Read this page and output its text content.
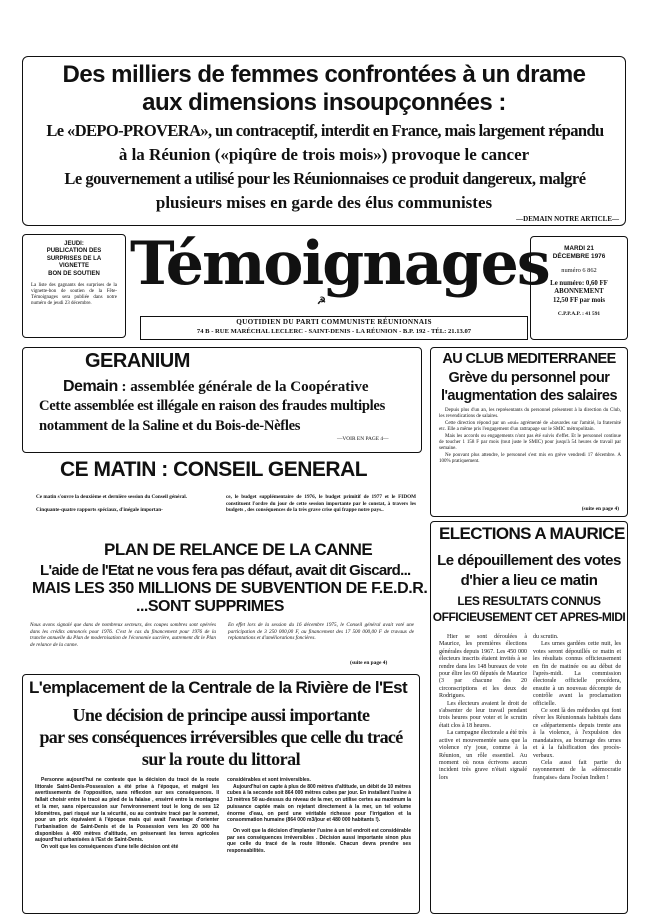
Des milliers de femmes confrontées à un drame
aux dimensions insoupçonnées :
Le «DEPO-PROVERA», un contraceptif, interdit en France, mais largement répandu
à la Réunion («piqûre de trois mois») provoque le cancer
Le gouvernement a utilisé pour les Réunionnaises ce produit dangereux, malgré
plusieurs mises en garde des élus communistes
—DEMAIN NOTRE ARTICLE—
JEUDI:
PUBLICATION DES
SURPRISES DE LA
VIGNETTE
BON DE SOUTIEN
La liste des gagnants des surprises de la vignette-bon de soutien de la Fête-Témoignages sera publiée dans notre numéro de jeudi 23 décembre.
Témoignages
☭
QUOTIDIEN DU PARTI COMMUNISTE RÉUNIONNAIS
74 B - RUE MARÉCHAL LECLERC - SAINT-DENIS - LA RÉUNION - B.P. 192 - TÉL: 21.13.07
MARDI 21
DÉCEMBRE 1976
numéro 6 862
Le numéro: 0,60 FF
ABONNEMENT
12,50 FF par mois
C.P.P.A.P. : 41 591
GERANIUM
Demain : assemblée générale de la Coopérative
Cette assemblée est illégale en raison des fraudes multiples
notamment de la Saline et du Bois-de-Nèfles
—VOIR EN PAGE 4—
CE MATIN : CONSEIL GENERAL
Ce matin s'ouvre la deuxième et dernière session du Conseil général.
Cinquante-quatre rapports spéciaux, d'inégale importan-
ce, le budget supplémentaire de 1976, le budget primitif de 1977 et le FIDOM constituent l'ordre du jour de cette session importante par le constat, à travers les budgets , des conséquences de la très grave crise qui frappe notre pays..
PLAN DE RELANCE DE LA CANNE
L'aide de l'Etat ne vous fera pas défaut, avait dit Giscard...
MAIS LES 350 MILLIONS DE SUBVENTION DE F.E.D.R.
...SONT SUPPRIMES
Nous avons signalé que dans de nombreux secteurs, des coupes sombres sont opérées dans les crédits annoncés pour 1976. C'est le cas du financement pour 1976 de la tranche annuelle du Plan de modernisation de l'économie sucrière, autrement dit le Plan de relance de la canne.
En effet lors de la session du 16 décembre 1975, le Conseil général avait voté une participation de 3 250 000,00 F, au financement des 17 500 000,00 F de travaux de replantations et d'améliorations foncières.
(suite en page 4)
L'emplacement de la Centrale de la Rivière de l'Est
Une décision de principe aussi importante
par ses conséquences irréversibles que celle du tracé
sur la route du littoral
Personne aujourd'hui ne conteste que la décision du tracé de la route littorale Saint-Denis-Possession a été prise à l'époque, et malgré les avertissements de l'opposition, sans réflexion sur ses conséquences. Il fallait choisir entre le tracé au pied de la falaise , ensérré entre la montagne et la mer, sans répercussion sur l'environnement tout le long de ses 12 kilomètres, pari risqué sur la sécurité, ou au contraire tracé par le sommet, pour un prix équivalent à l'époque mais qui avait l'avantage d'orienter l'urbanisation de Saint-Denis et de la Possession vers les 20 000 ha disponibles à 400 mètres d'altitude, en préservant les terres agricoles aujourd'hui urbanisées à l'Est de Saint-Denis.
On voit que les conséquences d'une telle décision ont été
considérables et sont irréversibles.
Aujourd'hui on capte à plus de 800 mètres d'altitude, un débit de 10 mètres cubes à la seconde soit 864 000 mètres cubes par jour. En installant l'usine à 13 mètres 50 au-dessus du niveau de la mer, on utilise certes au maximum la puissance captée mais on rejetant directement à la mer, un tel volume énorme d'eau, on perd une véritable richesse pour l'irrigation et la consommation humaine (864 000 m3/jour et 480 000 habitants !).
On voit que la décision d'implanter l'usine à un tel endroit est considérable par ses conséquences irréversibles . Décision aussi importante sinon plus que celle du tracé de la route littorale. Chacun devra prendre ses responsabilités.
AU CLUB MEDITERRANEE
Grève du personnel pour
l'augmentation des salaires
Depuis plus d'un an, les représentants du personnel présentent à la direction du Club, les revendications de salaires.
Cette direction répond par un «oui» agrémenté de «bavardes sur l'amitié, la fraternité etc. Elle a même pris l'engagement d'un rattrapage sur le SMIC métropolitain.
Mais les accords ou engagements n'ont pas été suivis d'effet. Et le personnel continue de toucher 1 158 F par mois (tout juste le SMIC) pour jusqu'à 54 heures de travail par semaine.
Ne pouvant plus attendre, le personnel s'est mis en grève vendredi 17 décembre. A 100% pratiquement.
(suite en page 4)
ELECTIONS A MAURICE
Le dépouillement des votes
d'hier a lieu ce matin
LES RESULTATS CONNUS
OFFICIEUSEMENT CET APRES-MIDI
Hier se sont déroulées à Maurice, les premières élections générales depuis 1967. Les 450 000 électeurs inscrits étaient invités à se rendre dans les 148 bureaux de vote pour élire les 60 députés de Maurice (3 par chacune des 20 circonscriptions et les deux de Rodrigues.
Les électeurs avaient le droit de s'absenter de leur travail pendant trois heures pour voter et le scrutin était clos à 18 heures.
La campagne électorale a été très active et mouvementée sans que la violence n'y joue, comme à la Réunion, un rôle essentiel. Au moment où nous écrivons aucun incident très grave n'était signalé lors
du scrutin.
Les urnes gardées cette nuit, les votes seront dépouillés ce matin et les résultats connus officieusement en fin de matinée ou au début de l'après-midi. La commission électorale officielle procédera, ensuite à un nouveau décompte de contrôle avant la proclamation officielle.
Ce sont là des méthodes qui font rêver les Réunionnais habitués dans ce «département» depuis trente ans à la violence, à l'expulsion des mandataires, au bourrage des urnes et à la falsification des procès-verbaux.
Cela aussi fait partie du rayonnement de la «démocratie française» dans l'océan Indien !
